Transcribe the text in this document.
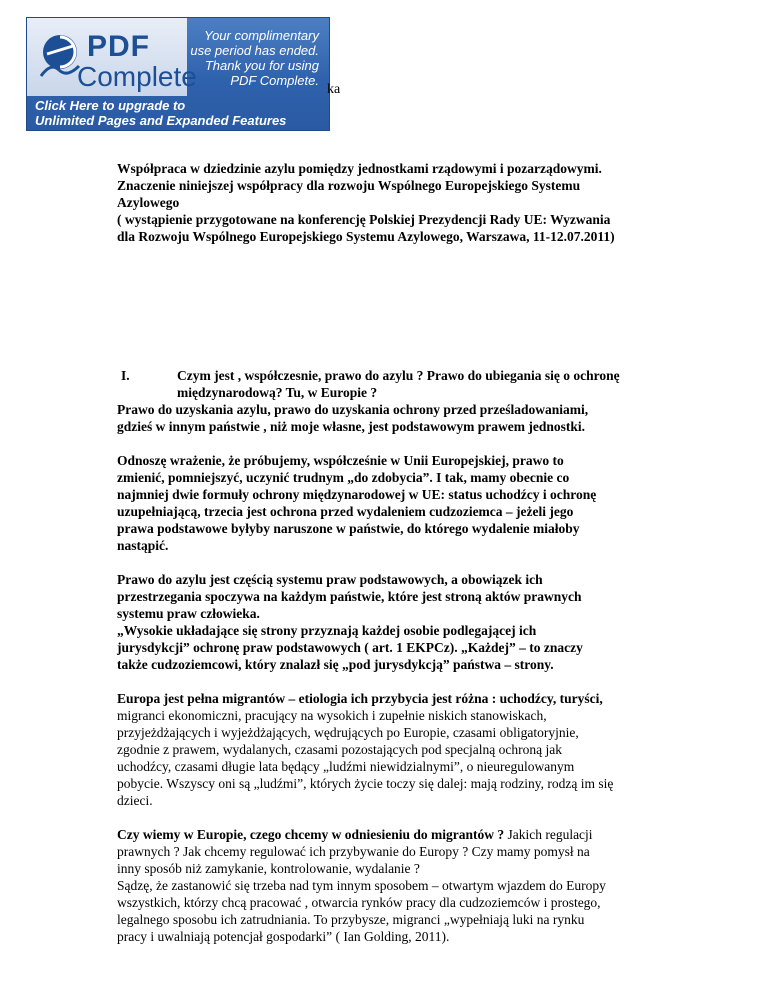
PDF
Complete
Your complimentary
use period has ended.
Thank you for using
PDF Complete.
Click Here to upgrade to
Unlimited Pages and Expanded Features
ka

Współpraca w dziedzinie azylu pomiędzy jednostkami rządowymi i pozarządowymi.
Znaczenie niniejszej współpracy dla rozwoju Wspólnego Europejskiego Systemu
Azylowego
( wystąpienie przygotowane na konferencję Polskiej Prezydencji Rady UE: Wyzwania
dla Rozwoju Wspólnego Europejskiego Systemu Azylowego, Warszawa, 11-12.07.2011)

I.	Czym jest , współczesnie, prawo do azylu ? Prawo do ubiegania się o ochronę
międzynarodową? Tu, w Europie ?

Prawo do uzyskania azylu, prawo do uzyskania ochrony przed prześladowaniami,
gdzieś w innym państwie , niż moje własne, jest podstawowym prawem jednostki.

Odnoszę wrażenie, że próbujemy, współcześnie w Unii Europejskiej, prawo to
zmienić, pomniejszyć, uczynić trudnym „do zdobycia”. I tak, mamy obecnie co
najmniej dwie formuły ochrony międzynarodowej w UE: status uchodźcy i ochronę
uzupełniającą, trzecia jest ochrona przed wydaleniem cudzoziemca – jeżeli jego
prawa podstawowe byłyby naruszone w państwie, do którego wydalenie miałoby
nastąpić.

Prawo do azylu jest częścią systemu praw podstawowych, a obowiązek ich
przestrzegania spoczywa na każdym państwie, które jest stroną aktów prawnych
systemu praw człowieka.
„Wysokie układające się strony przyznają każdej osobie podlegającej ich
jurysdykcji” ochronę praw podstawowych ( art. 1 EKPCz). „Każdej” – to znaczy
także cudzoziemcowi, który znalazł się „pod jurysdykcją” państwa – strony.

Europa jest pełna migrantów – etiologia ich przybycia jest różna : uchodźcy, turyści,
migranci ekonomiczni, pracujący na wysokich i zupełnie niskich stanowiskach,
przyjeżdżających i wyjeżdżających, wędrujących po Europie, czasami obligatoryjnie,
zgodnie z prawem, wydalanych, czasami pozostających pod specjalną ochroną jak
uchodźcy, czasami długie lata będący „ludźmi niewidzialnymi”, o nieuregulowanym
pobycie. Wszyscy oni są „ludźmi”, których życie toczy się dalej: mają rodziny, rodzą im się
dzieci.

Czy wiemy w Europie, czego chcemy w odniesieniu do migrantów ? Jakich regulacji
prawnych ? Jak chcemy regulować ich przybywanie do Europy ? Czy mamy pomysł na
inny sposób niż zamykanie, kontrolowanie, wydalanie ?
Sądzę, że zastanowić się trzeba nad tym innym sposobem – otwartym wjazdem do Europy
wszystkich, którzy chcą pracować , otwarcia rynków pracy dla cudzoziemców i prostego,
legalnego sposobu ich zatrudniania. To przybysze, migranci „wypełniają luki na rynku
pracy i uwalniają potencjał gospodarki” ( Ian Golding, 2011).
